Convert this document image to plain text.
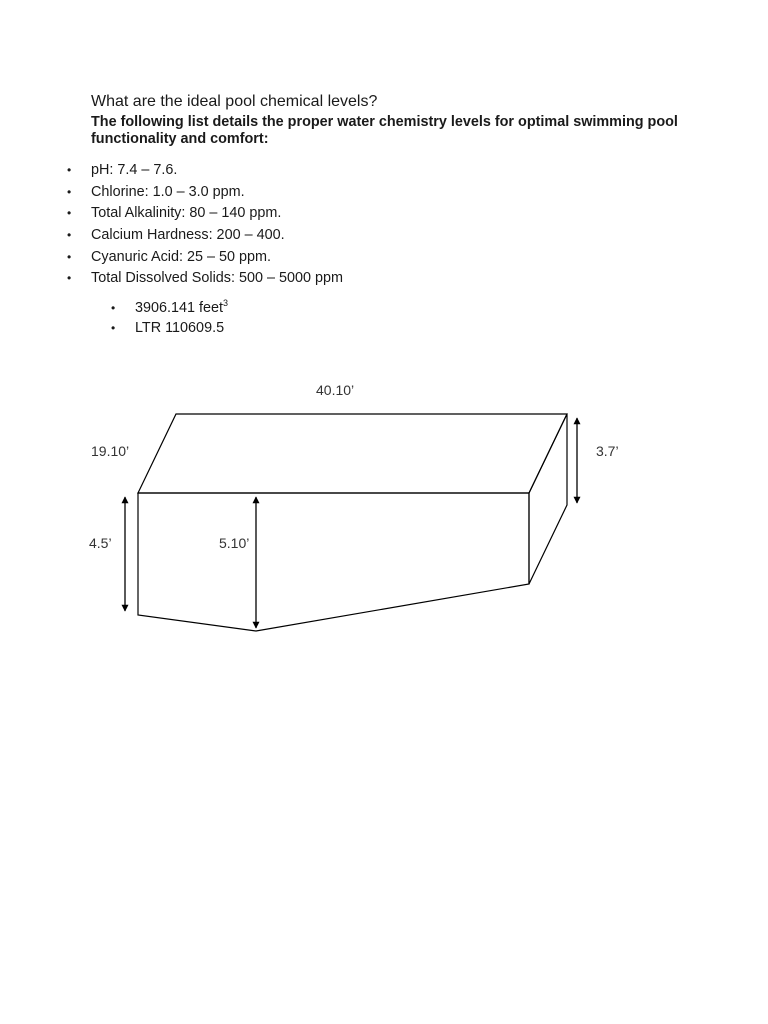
What are the ideal pool chemical levels?

The following list details the proper water chemistry levels for optimal swimming pool functionality and comfort:

• pH: 7.4 – 7.6.
• Chlorine: 1.0 – 3.0 ppm.
• Total Alkalinity: 80 – 140 ppm.
• Calcium Hardness: 200 – 400.
• Cyanuric Acid: 25 – 50 ppm.
• Total Dissolved Solids: 500 – 5000 ppm
• 3906.141 feet$^3$
• LTR 110609.5
40.10’
19.10’	3.7’
4.5’	5.10’
